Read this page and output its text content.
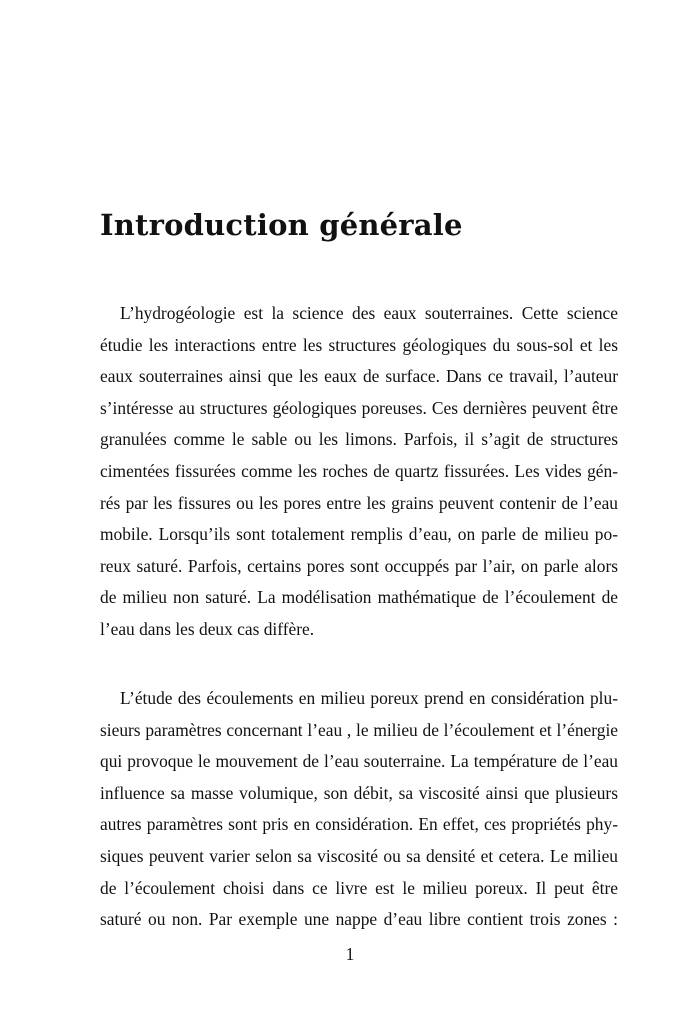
Introduction générale
L’hydrogéologie est la science des eaux souterraines. Cette science
étudie les interactions entre les structures géologiques du sous-sol et les
eaux souterraines ainsi que les eaux de surface. Dans ce travail, l’auteur
s’intéresse au structures géologiques poreuses. Ces dernières peuvent être
granulées comme le sable ou les limons. Parfois, il s’agit de structures
cimentées fissurées comme les roches de quartz fissurées. Les vides gén-
rés par les fissures ou les pores entre les grains peuvent contenir de l’eau
mobile. Lorsqu’ils sont totalement remplis d’eau, on parle de milieu po-
reux saturé. Parfois, certains pores sont occuppés par l’air, on parle alors
de milieu non saturé. La modélisation mathématique de l’écoulement de
l’eau dans les deux cas diffère.
L’étude des écoulements en milieu poreux prend en considération plu-
sieurs paramètres concernant l’eau , le milieu de l’écoulement et l’énergie
qui provoque le mouvement de l’eau souterraine. La température de l’eau
influence sa masse volumique, son débit, sa viscosité ainsi que plusieurs
autres paramètres sont pris en considération. En effet, ces propriétés phy-
siques peuvent varier selon sa viscosité ou sa densité et cetera. Le milieu
de l’écoulement choisi dans ce livre est le milieu poreux. Il peut être
saturé ou non. Par exemple une nappe d’eau libre contient trois zones :
1
